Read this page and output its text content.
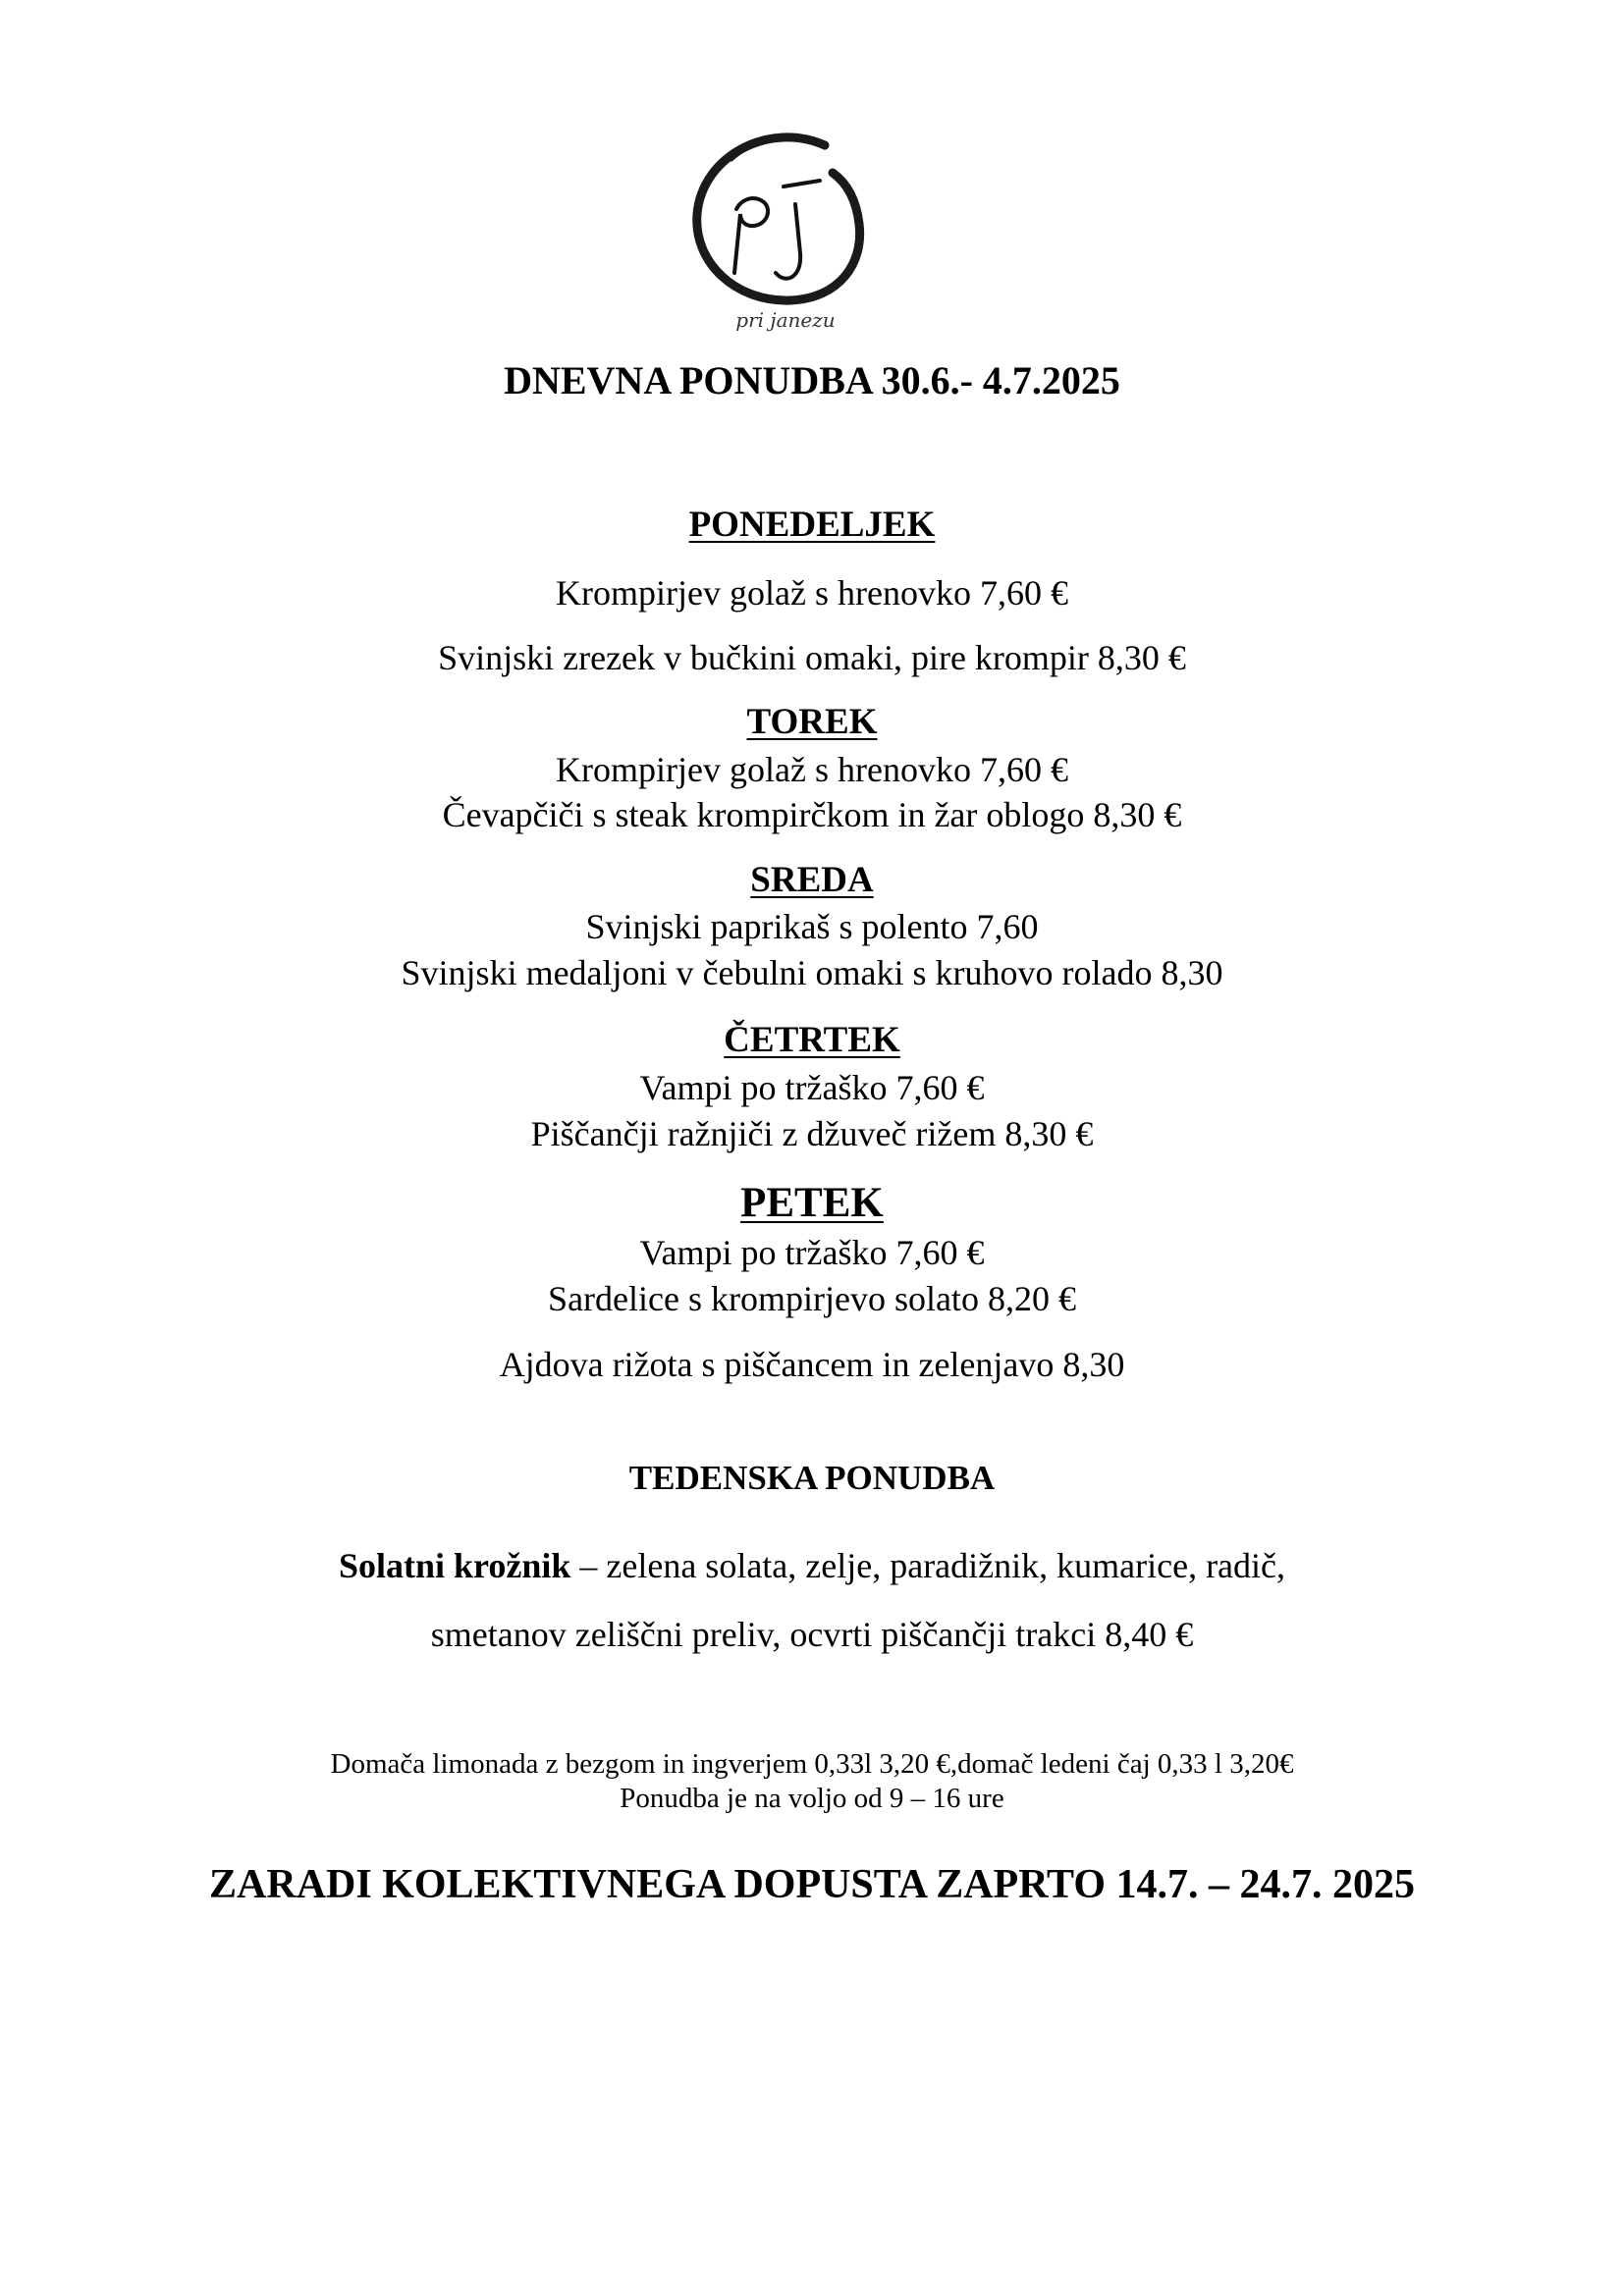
pri janezu
DNEVNA PONUDBA 30.6.- 4.7.2025
PONEDELJEK
Krompirjev golaž s hrenovko 7,60 €
Svinjski zrezek v bučkini omaki, pire krompir 8,30 €
TOREK
Krompirjev golaž s hrenovko 7,60 €
Čevapčiči s steak krompirčkom in žar oblogo 8,30 €
SREDA
Svinjski paprikaš s polento 7,60
Svinjski medaljoni v čebulni omaki s kruhovo rolado 8,30
ČETRTEK
Vampi po tržaško 7,60 €
Piščančji ražnjiči z džuveč rižem 8,30 €
PETEK
Vampi po tržaško 7,60 €
Sardelice s krompirjevo solato 8,20 €
Ajdova rižota s piščancem in zelenjavo 8,30
TEDENSKA PONUDBA
Solatni krožnik – zelena solata, zelje, paradižnik, kumarice, radič,
smetanov zeliščni preliv, ocvrti piščančji trakci 8,40 €
Domača limonada z bezgom in ingverjem 0,33l 3,20 €,domač ledeni čaj 0,33 l 3,20€
Ponudba je na voljo od 9 – 16 ure
ZARADI KOLEKTIVNEGA DOPUSTA ZAPRTO 14.7. – 24.7. 2025
